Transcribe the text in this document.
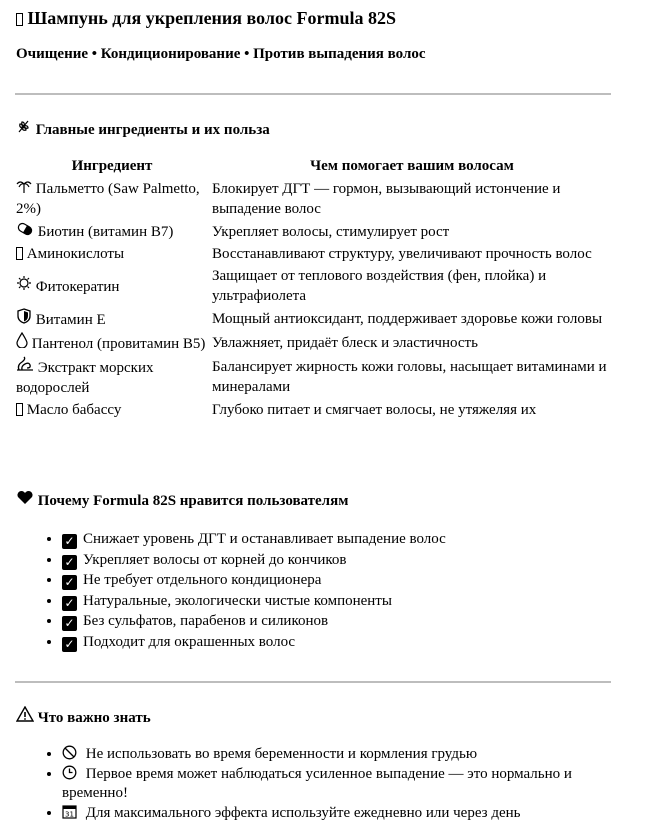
Шампунь для укрепления волос Formula 82S
Очищение • Кондиционирование • Против выпадения волос
Главные ингредиенты и их польза
Ингредиент	Чем помогает вашим волосам
Пальметто (Saw Palmetto, 2%)	Блокирует ДГТ — гормон, вызывающий истончение и выпадение волос
Биотин (витамин B7)	Укрепляет волосы, стимулирует рост
Аминокислоты	Восстанавливают структуру, увеличивают прочность волос
Фитокератин	Защищает от теплового воздействия (фен, плойка) и ультрафиолета
Витамин E	Мощный антиоксидант, поддерживает здоровье кожи головы
Пантенол (провитамин B5)	Увлажняет, придаёт блеск и эластичность
Экстракт морских водорослей	Балансирует жирность кожи головы, насыщает витаминами и минералами
Масло бабассу	Глубоко питает и смягчает волосы, не утяжеляя их
Почему Formula 82S нравится пользователям
• ✓ Снижает уровень ДГТ и останавливает выпадение волос
• ✓ Укрепляет волосы от корней до кончиков
• ✓ Не требует отдельного кондиционера
• ✓ Натуральные, экологически чистые компоненты
• ✓ Без сульфатов, парабенов и силиконов
• ✓ Подходит для окрашенных волос
Что важно знать
• Не использовать во время беременности и кормления грудью
• Первое время может наблюдаться усиленное выпадение — это нормально и временно!
• 31 Для максимального эффекта используйте ежедневно или через день
